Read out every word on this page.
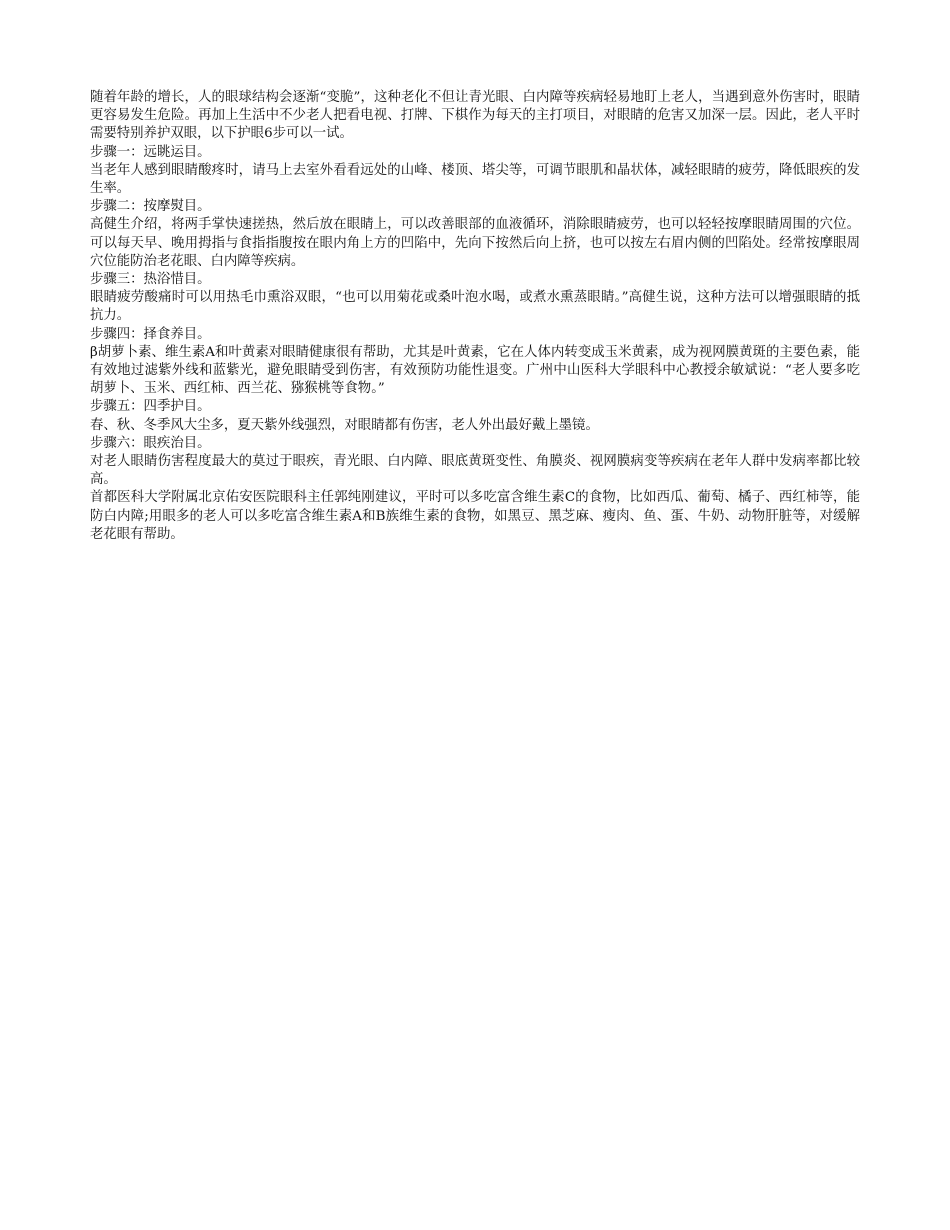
随着年龄的增长，人的眼球结构会逐渐“变脆”，这种老化不但让青光眼、白内障等疾病轻易地盯上老人，当遇到意外伤害时，眼睛更容易发生危险。再加上生活中不少老人把看电视、打牌、下棋作为每天的主打项目，对眼睛的危害又加深一层。因此，老人平时需要特别养护双眼，以下护眼6步可以一试。

步骤一：远眺运目。

当老年人感到眼睛酸疼时，请马上去室外看看远处的山峰、楼顶、塔尖等，可调节眼肌和晶状体，减轻眼睛的疲劳，降低眼疾的发生率。

步骤二：按摩熨目。

高健生介绍，将两手掌快速搓热，然后放在眼睛上，可以改善眼部的血液循环，消除眼睛疲劳，也可以轻轻按摩眼睛周围的穴位。可以每天早、晚用拇指与食指指腹按在眼内角上方的凹陷中，先向下按然后向上挤，也可以按左右眉内侧的凹陷处。经常按摩眼周穴位能防治老花眼、白内障等疾病。

步骤三：热浴惜目。

眼睛疲劳酸痛时可以用热毛巾熏浴双眼，“也可以用菊花或桑叶泡水喝，或煮水熏蒸眼睛。”高健生说，这种方法可以增强眼睛的抵抗力。

步骤四：择食养目。

β胡萝卜素、维生素A和叶黄素对眼睛健康很有帮助，尤其是叶黄素，它在人体内转变成玉米黄素，成为视网膜黄斑的主要色素，能有效地过滤紫外线和蓝紫光，避免眼睛受到伤害，有效预防功能性退变。广州中山医科大学眼科中心教授余敏斌说：“老人要多吃胡萝卜、玉米、西红柿、西兰花、猕猴桃等食物。”

步骤五：四季护目。

春、秋、冬季风大尘多，夏天紫外线强烈，对眼睛都有伤害，老人外出最好戴上墨镜。

步骤六：眼疾治目。

对老人眼睛伤害程度最大的莫过于眼疾，青光眼、白内障、眼底黄斑变性、角膜炎、视网膜病变等疾病在老年人群中发病率都比较高。

首都医科大学附属北京佑安医院眼科主任郭纯刚建议，平时可以多吃富含维生素C的食物，比如西瓜、葡萄、橘子、西红柿等，能防白内障;用眼多的老人可以多吃富含维生素A和B族维生素的食物，如黑豆、黑芝麻、瘦肉、鱼、蛋、牛奶、动物肝脏等，对缓解老花眼有帮助。
